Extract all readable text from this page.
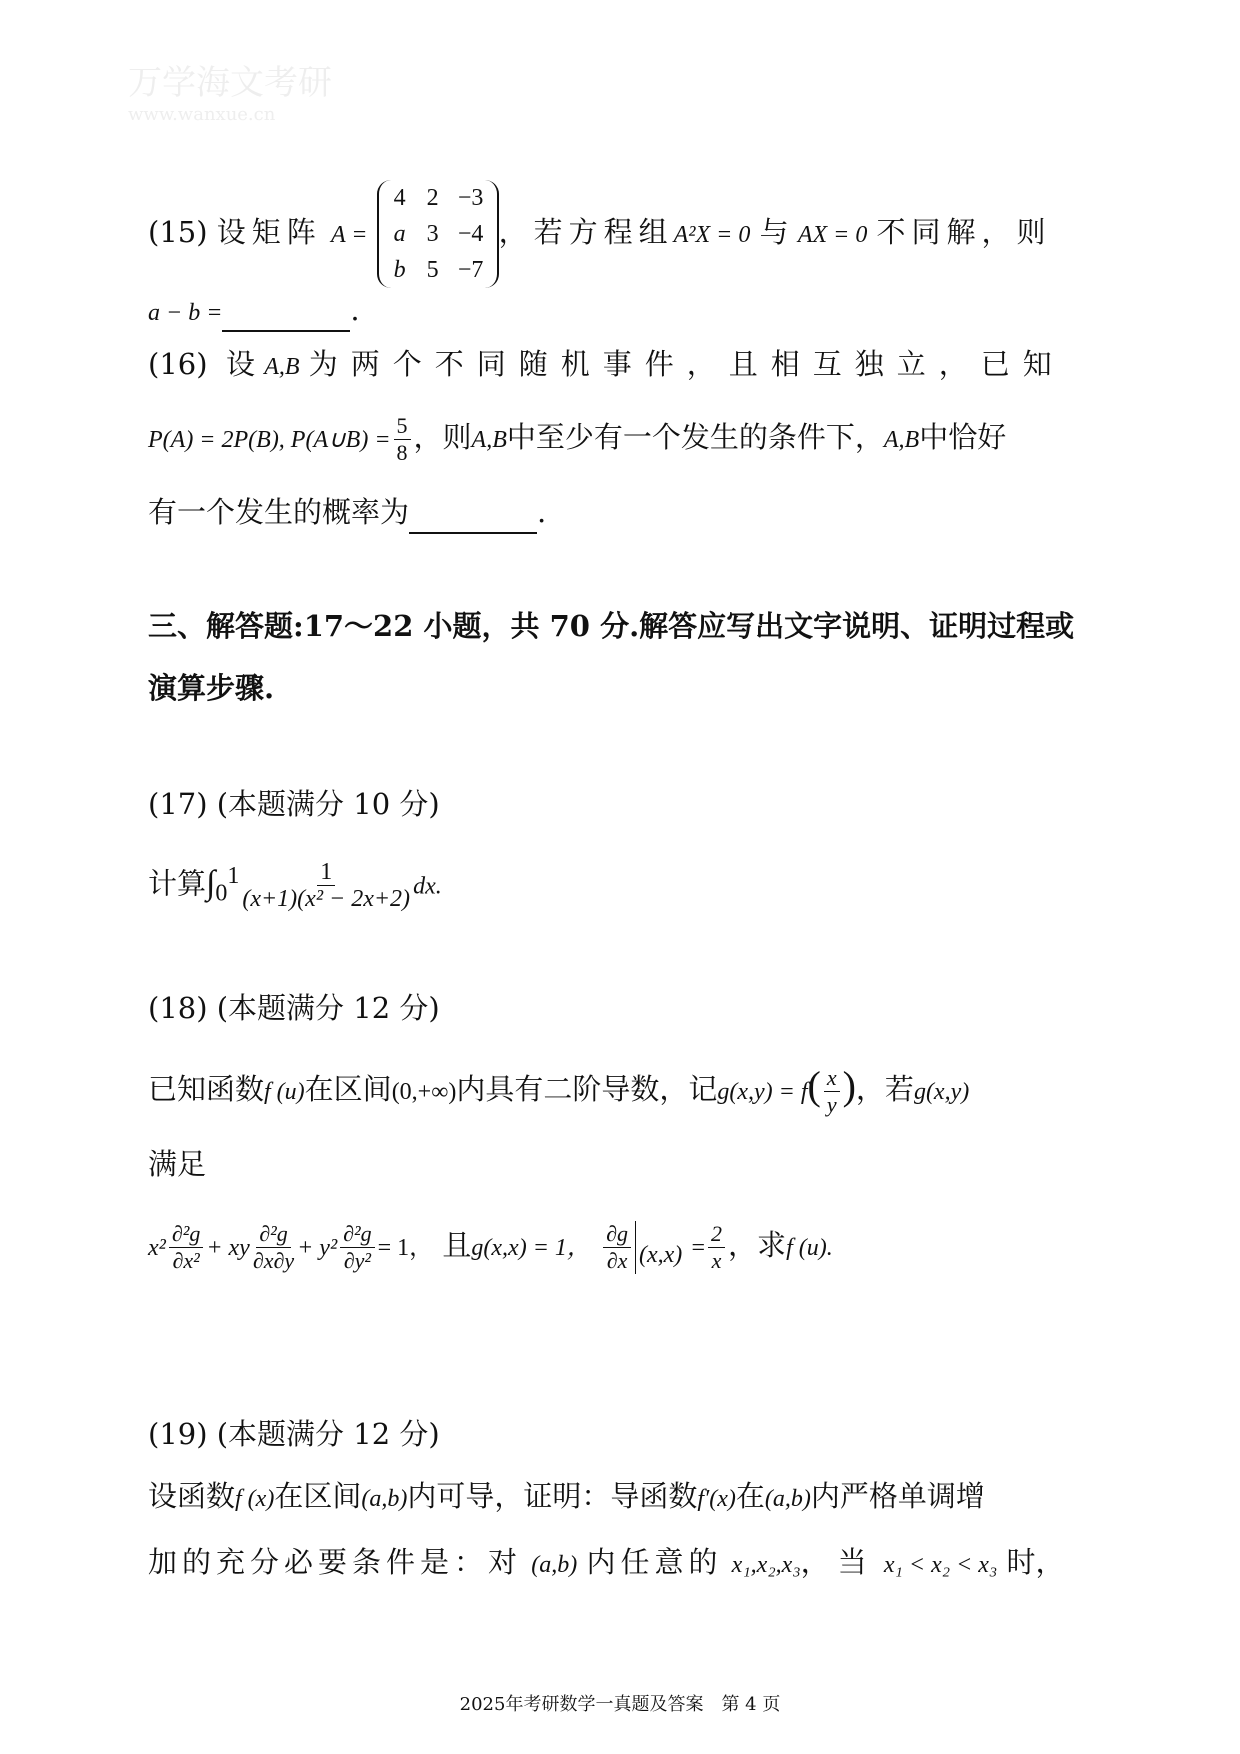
万学海文考研
www.wanxue.cn
(15) 设矩阵 A =
4 2 −3
a 3 −4
b 5 −7
，若方程组A²X = 0 与 AX = 0 不同解，则
a − b =	.
(16) 设 A,B 为两个不同随机事件，且相互独立，已知
P(A) = 2P(B), P(A∪B) = $\frac{5}{8}$ ，则A,B中至少有一个发生的条件下，A,B中恰好
有一个发生的概率为	.
三、解答题:17～22 小题，共 70 分.解答应写出文字说明、证明过程或
演算步骤.
(17) (本题满分 10 分)
计算$\int_0^1 \frac{1}{\text{(x+1)(x² − 2x+2)}}$ dx.
(18) (本题满分 12 分)
已知函数f (u)在区间(0,+∞)内具有二阶导数，记$g(x,y) = f( \frac{x}{y}$ )，若g(x,y)
满足
$x^2 \frac{\text{∂²g}}{\text{∂x²}}$ + xy $\frac{\text{∂²g}}{\partial x\partial y} + y^2 \frac{\text{∂²g}}{\text{∂y²}} = 1$， 且g(x,x) = 1， $\frac{\partial g}{\partial x} _{(x,x)} = \frac{2}{x}$ ，求f (u).
(19) (本题满分 12 分)
设函数f (x)在区间(a,b)内可导，证明：导函数f′(x)在(a,b)内严格单调增
加的充分必要条件是：对 (a,b) 内任意的 x₁,x₂,x₃，当 x₁ < x₂ < x₃ 时，
2025年考研数学一真题及答案　第 4 页
